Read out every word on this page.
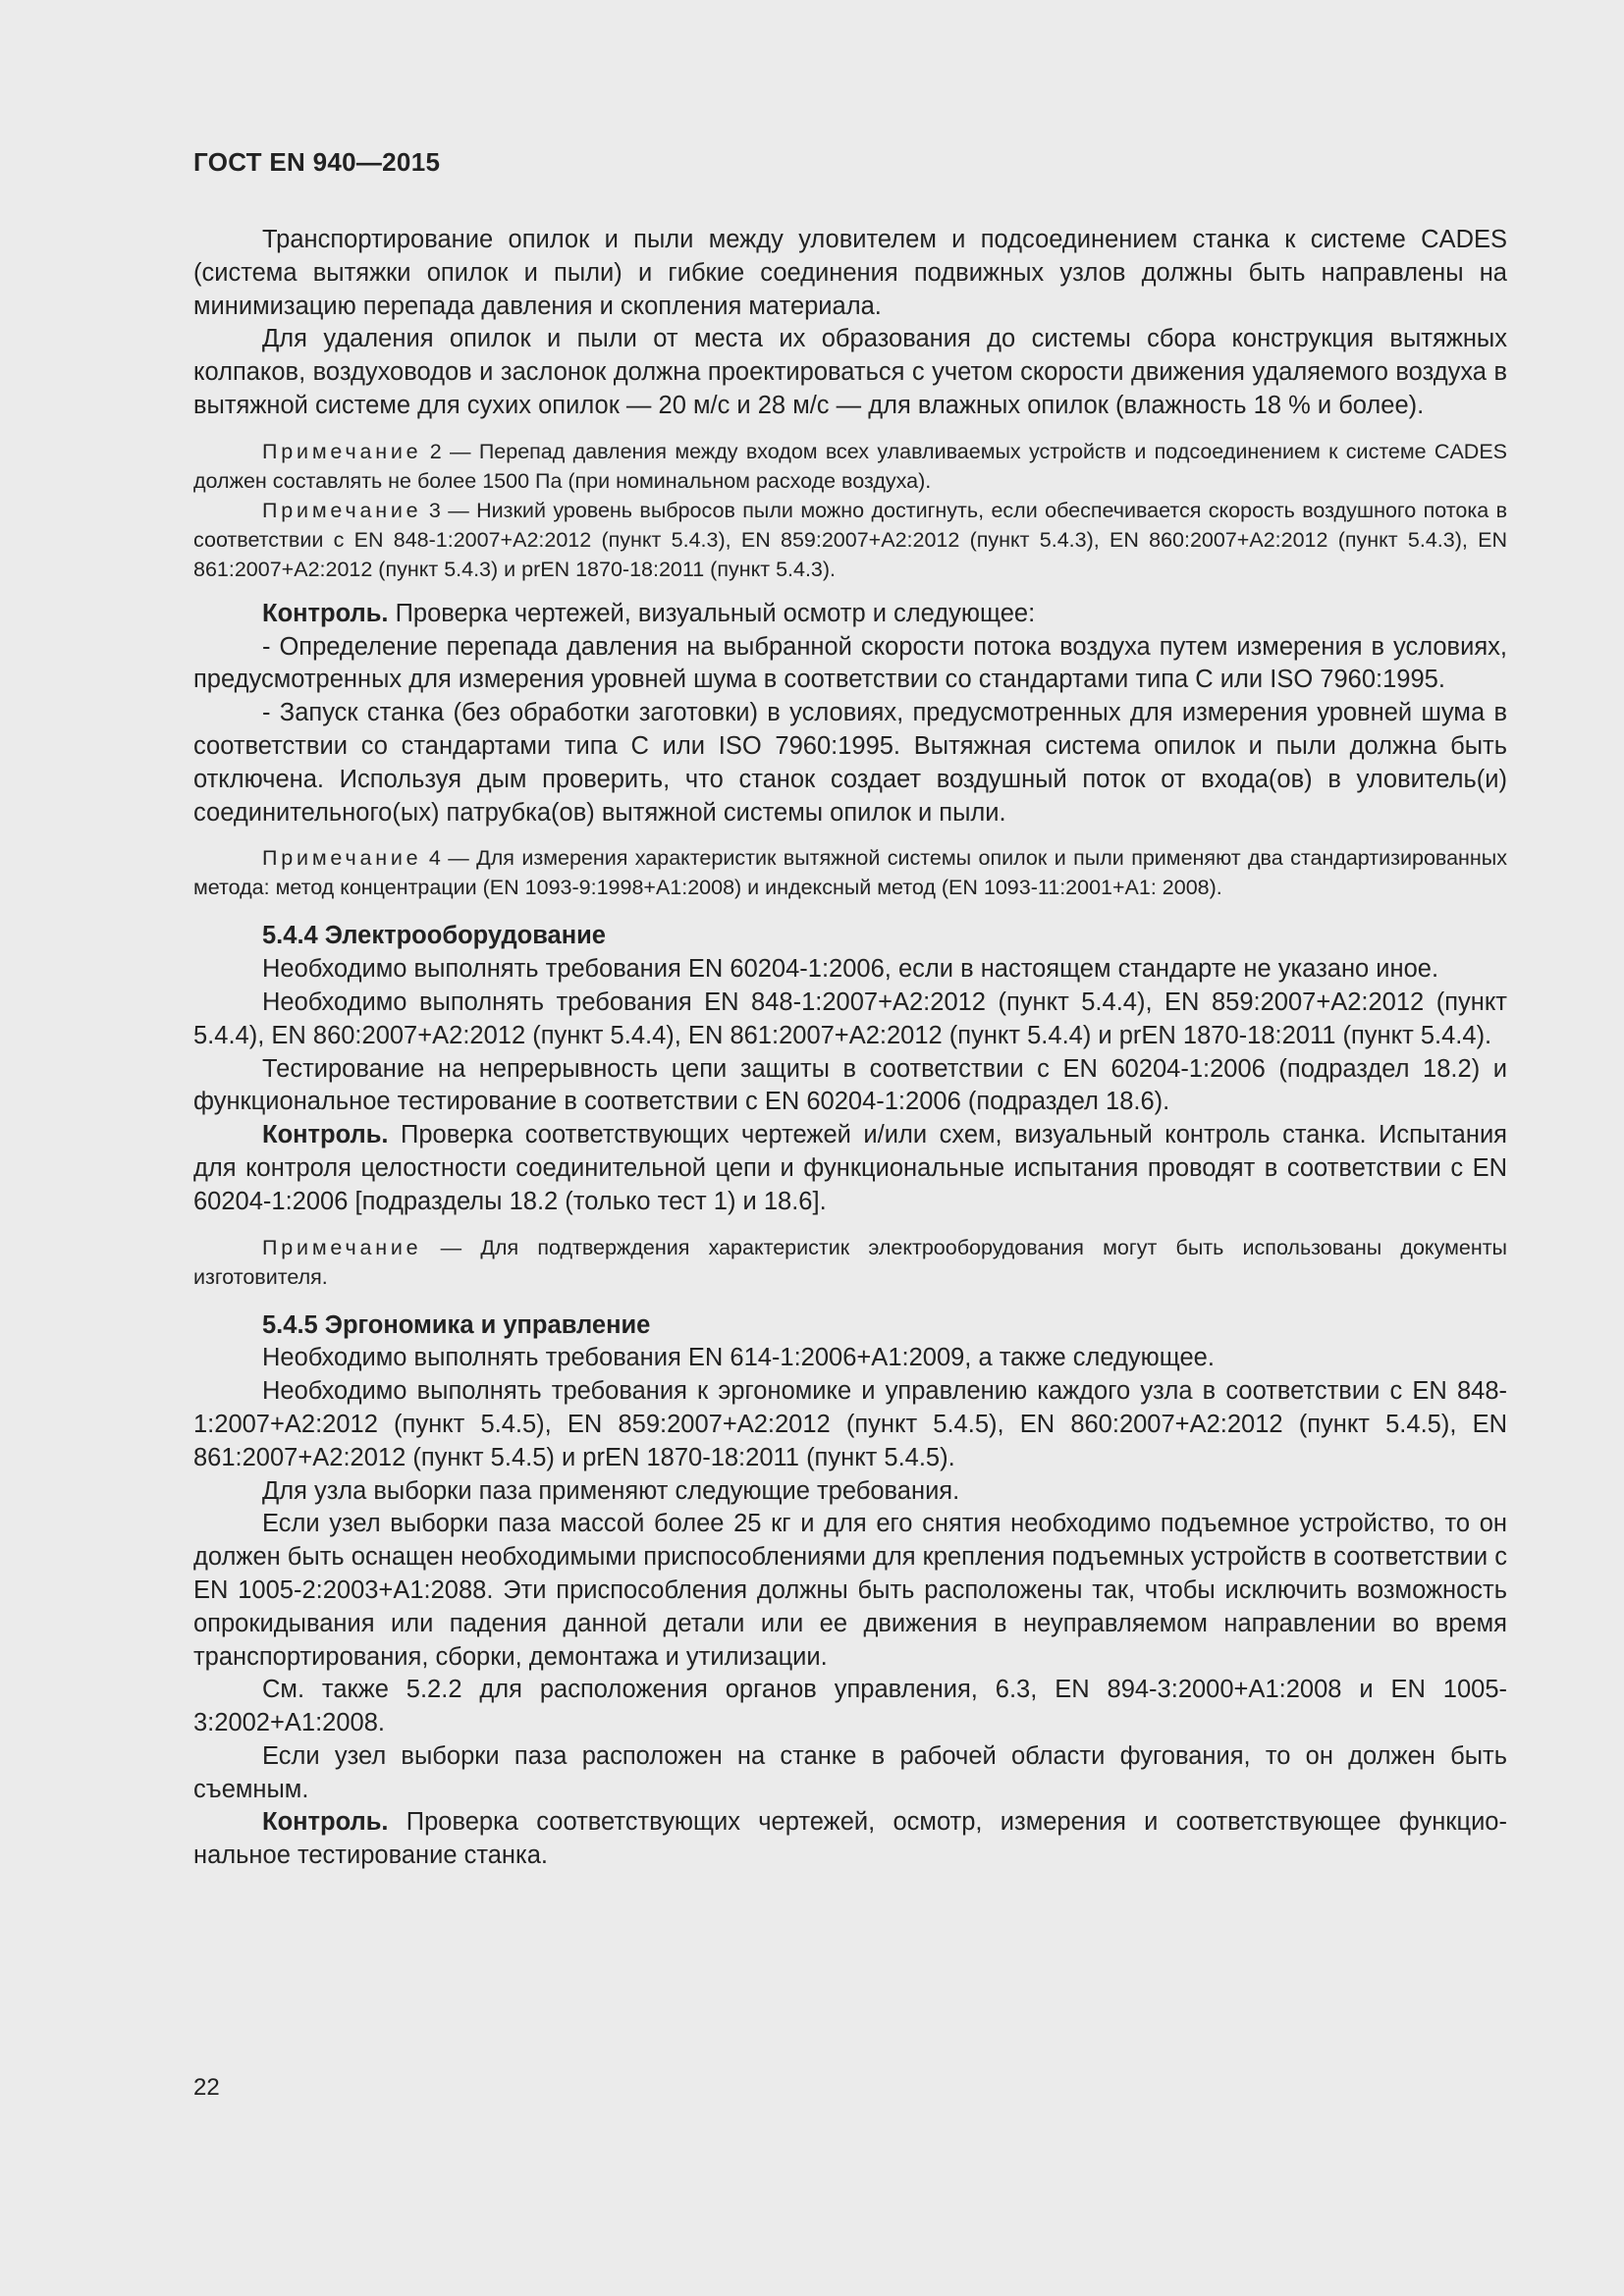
ГОСТ EN 940—2015

Транспортирование опилок и пыли между уловителем и подсоединением станка к системе CADES (система вытяжки опилок и пыли) и гибкие соединения подвижных узлов должны быть направлены на минимизацию перепада давления и скопления материала.

Для удаления опилок и пыли от места их образования до системы сбора конструкция вытяжных колпаков, воздуховодов и заслонок должна проектироваться с учетом скорости движения удаляемого воздуха в вытяжной системе для сухих опилок — 20 м/с и 28 м/с — для влажных опилок (влажность 18 % и более).

Примечание 2 — Перепад давления между входом всех улавливаемых устройств и подсоединением к системе CADES должен составлять не более 1500 Па (при номинальном расходе воздуха).

Примечание 3 — Низкий уровень выбросов пыли можно достигнуть, если обеспечивается скорость воздушного потока в соответствии с EN 848-1:2007+A2:2012 (пункт 5.4.3), EN 859:2007+A2:2012 (пункт 5.4.3), EN 860:2007+A2:2012 (пункт 5.4.3), EN 861:2007+A2:2012 (пункт 5.4.3) и prEN 1870-18:2011 (пункт 5.4.3).

Контроль. Проверка чертежей, визуальный осмотр и следующее:

- Определение перепада давления на выбранной скорости потока воздуха путем измерения в условиях, предусмотренных для измерения уровней шума в соответствии со стандартами типа С или ISO 7960:1995.

- Запуск станка (без обработки заготовки) в условиях, предусмотренных для измерения уровней шума в соответствии со стандартами типа С или ISO 7960:1995. Вытяжная система опилок и пыли должна быть отключена. Используя дым проверить, что станок создает воздушный поток от входа(ов) в уловитель(и) соединительного(ых) патрубка(ов) вытяжной системы опилок и пыли.

Примечание 4 — Для измерения характеристик вытяжной системы опилок и пыли применяют два стандартизированных метода: метод концентрации (EN 1093-9:1998+A1:2008) и индексный метод (EN 1093-11:2001+A1: 2008).

5.4.4 Электрооборудование

Необходимо выполнять требования EN 60204-1:2006, если в настоящем стандарте не указано иное.

Необходимо выполнять требования EN 848-1:2007+A2:2012 (пункт 5.4.4), EN 859:2007+A2:2012 (пункт 5.4.4), EN 860:2007+A2:2012 (пункт 5.4.4), EN 861:2007+A2:2012 (пункт 5.4.4) и prEN 1870-18:2011 (пункт 5.4.4).

Тестирование на непрерывность цепи защиты в соответствии с EN 60204-1:2006 (подраздел 18.2) и функциональное тестирование в соответствии с EN 60204-1:2006 (подраздел 18.6).

Контроль. Проверка соответствующих чертежей и/или схем, визуальный контроль станка. Испытания для контроля целостности соединительной цепи и функциональные испытания проводят в соответствии с EN 60204-1:2006 [подразделы 18.2 (только тест 1) и 18.6].

Примечание — Для подтверждения характеристик электрооборудования могут быть использованы документы изготовителя.

5.4.5 Эргономика и управление

Необходимо выполнять требования EN 614-1:2006+A1:2009, а также следующее.

Необходимо выполнять требования к эргономике и управлению каждого узла в соответствии с EN 848-1:2007+A2:2012 (пункт 5.4.5), EN 859:2007+A2:2012 (пункт 5.4.5), EN 860:2007+A2:2012 (пункт 5.4.5), EN 861:2007+A2:2012 (пункт 5.4.5) и prEN 1870-18:2011 (пункт 5.4.5).

Для узла выборки паза применяют следующие требования.

Если узел выборки паза массой более 25 кг и для его снятия необходимо подъемное устройство, то он должен быть оснащен необходимыми приспособлениями для крепления подъемных устройств в соответствии с EN 1005-2:2003+A1:2088. Эти приспособления должны быть расположены так, чтобы исключить возможность опрокидывания или падения данной детали или ее движения в неуправляемом направлении во время транспортирования, сборки, демонтажа и утилизации.

См. также 5.2.2 для расположения органов управления, 6.3, EN 894-3:2000+A1:2008 и EN 1005-3:2002+A1:2008.

Если узел выборки паза расположен на станке в рабочей области фугования, то он должен быть съемным.

Контроль. Проверка соответствующих чертежей, осмотр, измерения и соответствующее функциональное тестирование станка.

22
